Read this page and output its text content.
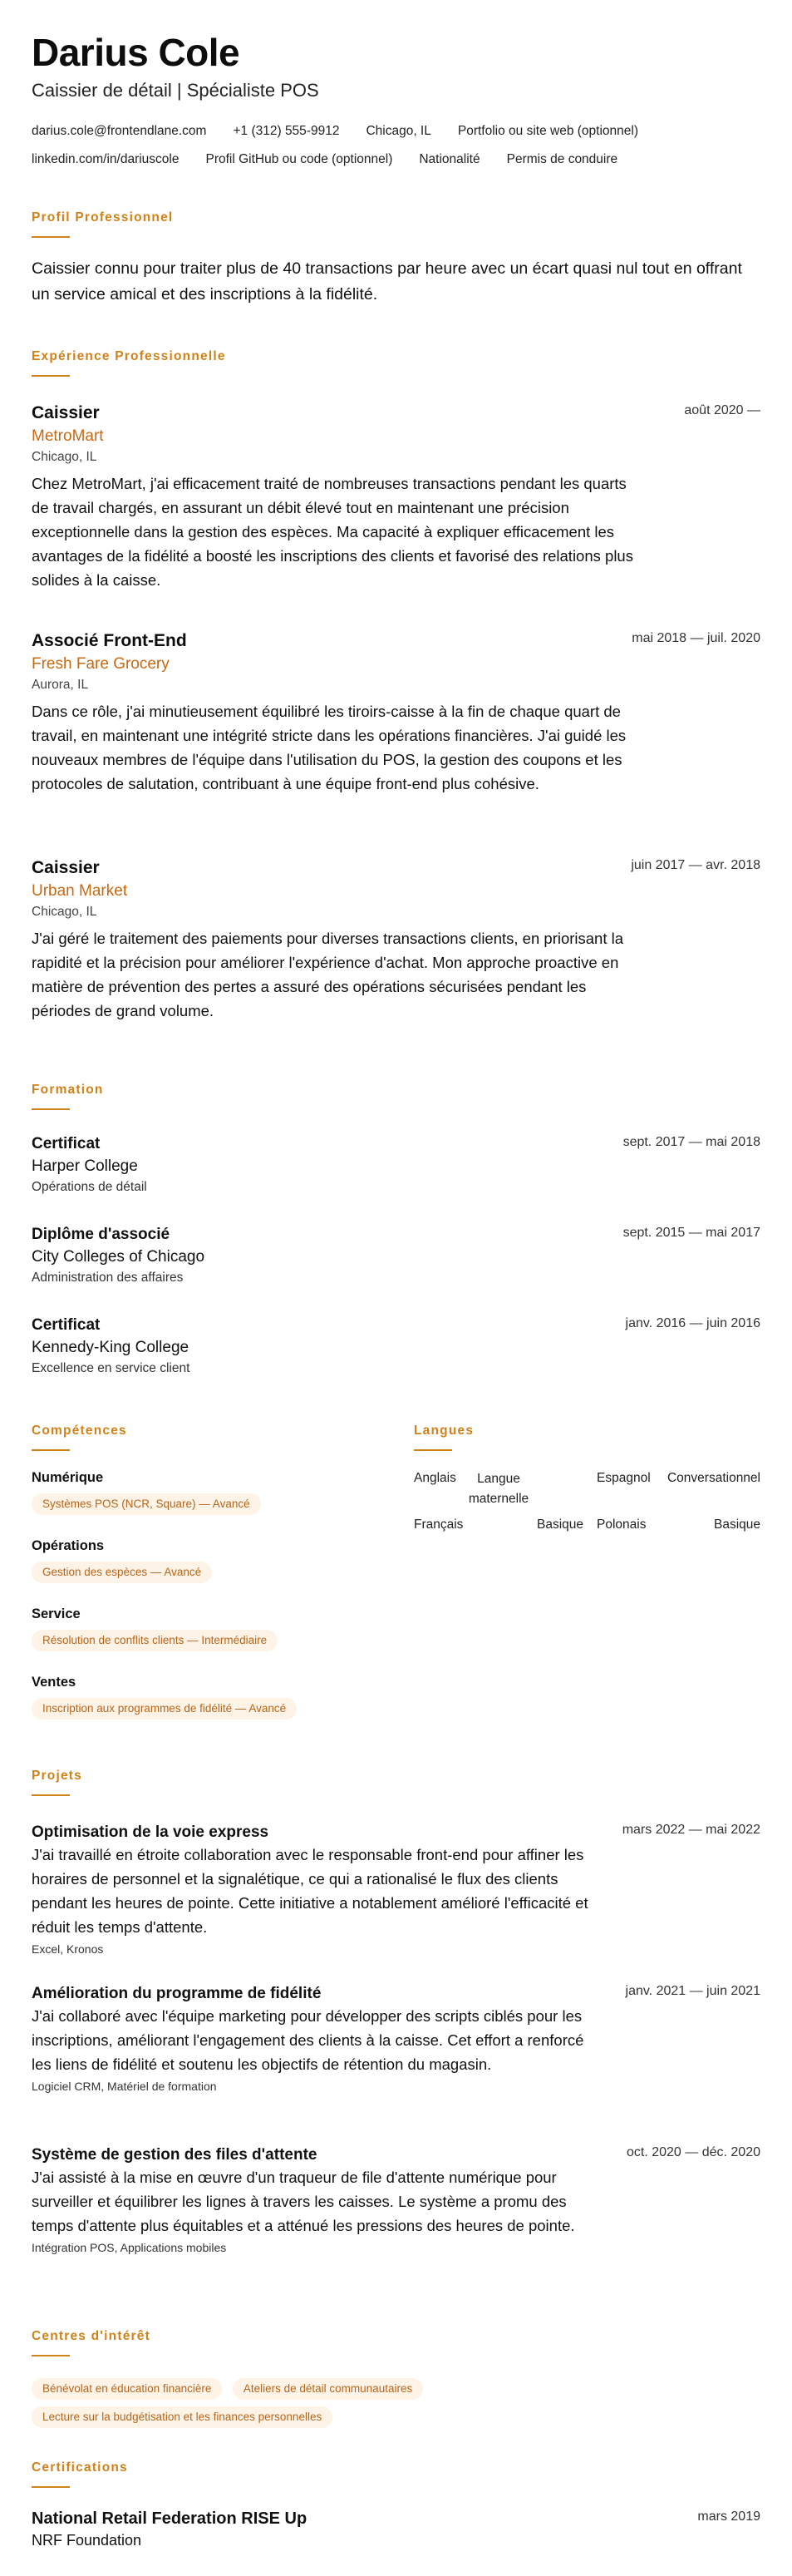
Darius Cole
Caissier de détail | Spécialiste POS
darius.cole@frontendlane.com +1 (312) 555-9912 Chicago, IL Portfolio ou site web (optionnel)
linkedin.com/in/dariuscole Profil GitHub ou code (optionnel) Nationalité Permis de conduire
Profil Professionnel
Caissier connu pour traiter plus de 40 transactions par heure avec un écart quasi nul tout en offrant un service amical et des inscriptions à la fidélité.
Expérience Professionnelle
Caissier
MetroMart
Chicago, IL
août 2020 —
Chez MetroMart, j'ai efficacement traité de nombreuses transactions pendant les quarts de travail chargés, en assurant un débit élevé tout en maintenant une précision exceptionnelle dans la gestion des espèces. Ma capacité à expliquer efficacement les avantages de la fidélité a boosté les inscriptions des clients et favorisé des relations plus solides à la caisse.
Associé Front-End
Fresh Fare Grocery
Aurora, IL
mai 2018 — juil. 2020
Dans ce rôle, j'ai minutieusement équilibré les tiroirs-caisse à la fin de chaque quart de travail, en maintenant une intégrité stricte dans les opérations financières. J'ai guidé les nouveaux membres de l'équipe dans l'utilisation du POS, la gestion des coupons et les protocoles de salutation, contribuant à une équipe front-end plus cohésive.
Caissier
Urban Market
Chicago, IL
juin 2017 — avr. 2018
J'ai géré le traitement des paiements pour diverses transactions clients, en priorisant la rapidité et la précision pour améliorer l'expérience d'achat. Mon approche proactive en matière de prévention des pertes a assuré des opérations sécurisées pendant les périodes de grand volume.
Formation
Certificat
Harper College
Opérations de détail
sept. 2017 — mai 2018
Diplôme d'associé
City Colleges of Chicago
Administration des affaires
sept. 2015 — mai 2017
Certificat
Kennedy-King College
Excellence en service client
janv. 2016 — juin 2016
Compétences
Numérique
Systèmes POS (NCR, Square) — Avancé
Opérations
Gestion des espèces — Avancé
Service
Résolution de conflits clients — Intermédiaire
Ventes
Inscription aux programmes de fidélité — Avancé
Langues
Anglais	Langue
maternelle
Espagnol	Conversationnel
Français	Basique Polonais	Basique
Projets
Optimisation de la voie express	mars 2022 — mai 2022
J'ai travaillé en étroite collaboration avec le responsable front-end pour affiner les horaires de personnel et la signalétique, ce qui a rationalisé le flux des clients pendant les heures de pointe. Cette initiative a notablement amélioré l'efficacité et réduit les temps d'attente.
Excel, Kronos
Amélioration du programme de fidélité	janv. 2021 — juin 2021
J'ai collaboré avec l'équipe marketing pour développer des scripts ciblés pour les inscriptions, améliorant l'engagement des clients à la caisse. Cet effort a renforcé les liens de fidélité et soutenu les objectifs de rétention du magasin.
Logiciel CRM, Matériel de formation
Système de gestion des files d'attente	oct. 2020 — déc. 2020
J'ai assisté à la mise en œuvre d'un traqueur de file d'attente numérique pour surveiller et équilibrer les lignes à travers les caisses. Le système a promu des temps d'attente plus équitables et a atténué les pressions des heures de pointe.
Intégration POS, Applications mobiles
Centres d'intérêt
Bénévolat en éducation financière	Ateliers de détail communautaires Lecture sur la budgétisation et les finances personnelles
Certifications
National Retail Federation RISE Up
NRF Foundation
mars 2019
